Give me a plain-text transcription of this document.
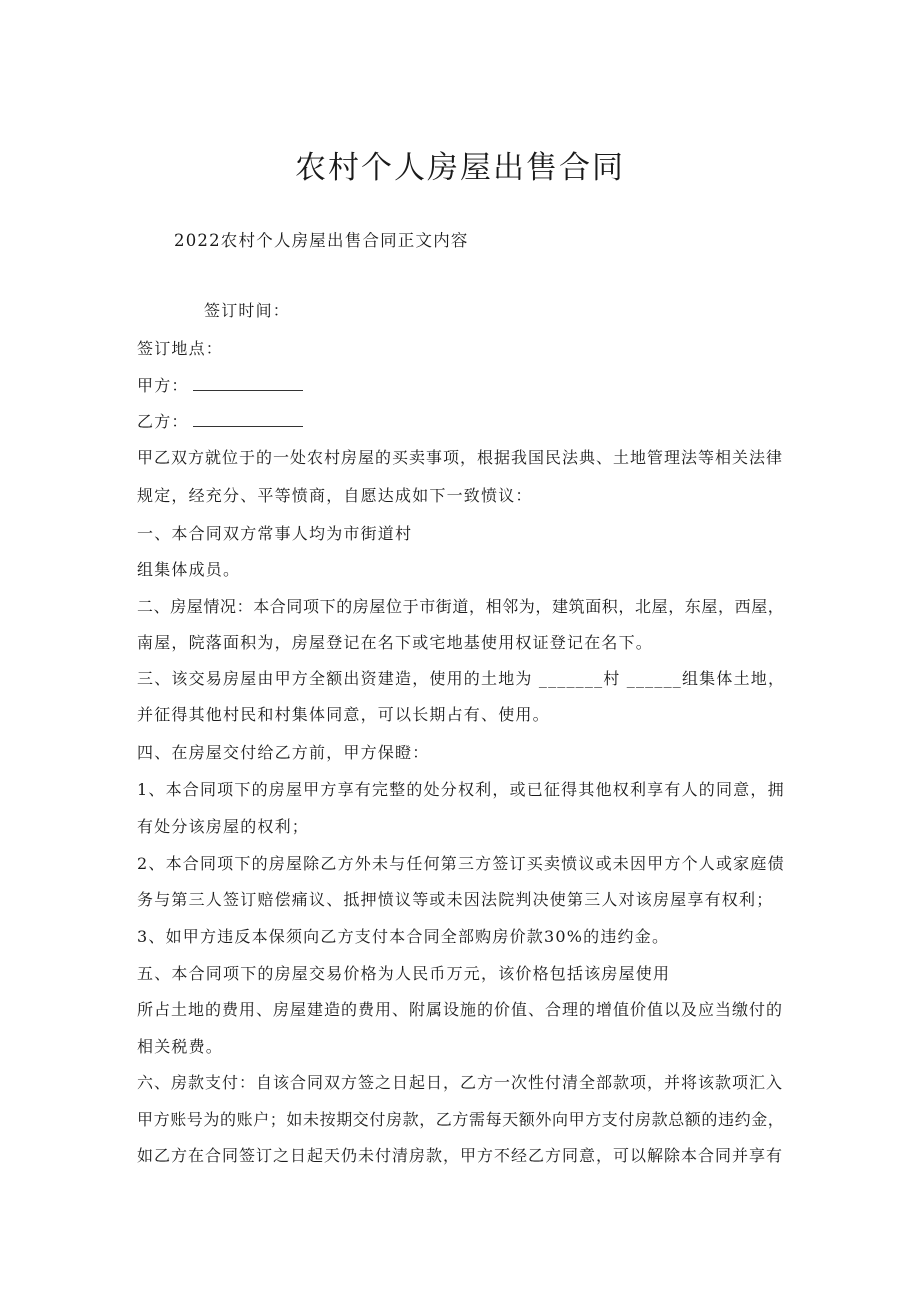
农村个人房屋出售合同
2022农村个人房屋出售合同正文内容
签订时间：
签订地点：
甲方：
乙方：
甲乙双方就位于的一处农村房屋的买卖事项，根据我国民法典、土地管理法等相关法律
规定，经充分、平等愤商，自愿达成如下一致愤议：
一、本合同双方常事人均为市街道村
组集体成员。
二、房屋情况：本合同项下的房屋位于市街道，相邻为，建筑面积，北屋，东屋，西屋，
南屋，院落面积为，房屋登记在名下或宅地基使用权证登记在名下。
三、该交易房屋由甲方全额出资建造，使用的土地为 _______村 ______组集体土地，
并征得其他村民和村集体同意，可以长期占有、使用。
四、在房屋交付给乙方前，甲方保瞪：
1、本合同项下的房屋甲方享有完整的处分权利，或已征得其他权利享有人的同意，拥
有处分该房屋的权利；
2、本合同项下的房屋除乙方外未与任何第三方签订买卖愤议或未因甲方个人或家庭债
务与第三人签订赔偿痛议、抵押愤议等或未因法院判决使第三人对该房屋享有权利；
3、如甲方违反本保须向乙方支付本合同全部购房价款30%的违约金。
五、本合同项下的房屋交易价格为人民币万元，该价格包括该房屋使用
所占土地的费用、房屋建造的费用、附属设施的价值、合理的增值价值以及应当缴付的
相关税费。
六、房款支付：自该合同双方签之日起日，乙方一次性付清全部款项，并将该款项汇入
甲方账号为的账户；如未按期交付房款，乙方需每天额外向甲方支付房款总额的违约金，
如乙方在合同签订之日起天仍未付清房款，甲方不经乙方同意，可以解除本合同并享有
